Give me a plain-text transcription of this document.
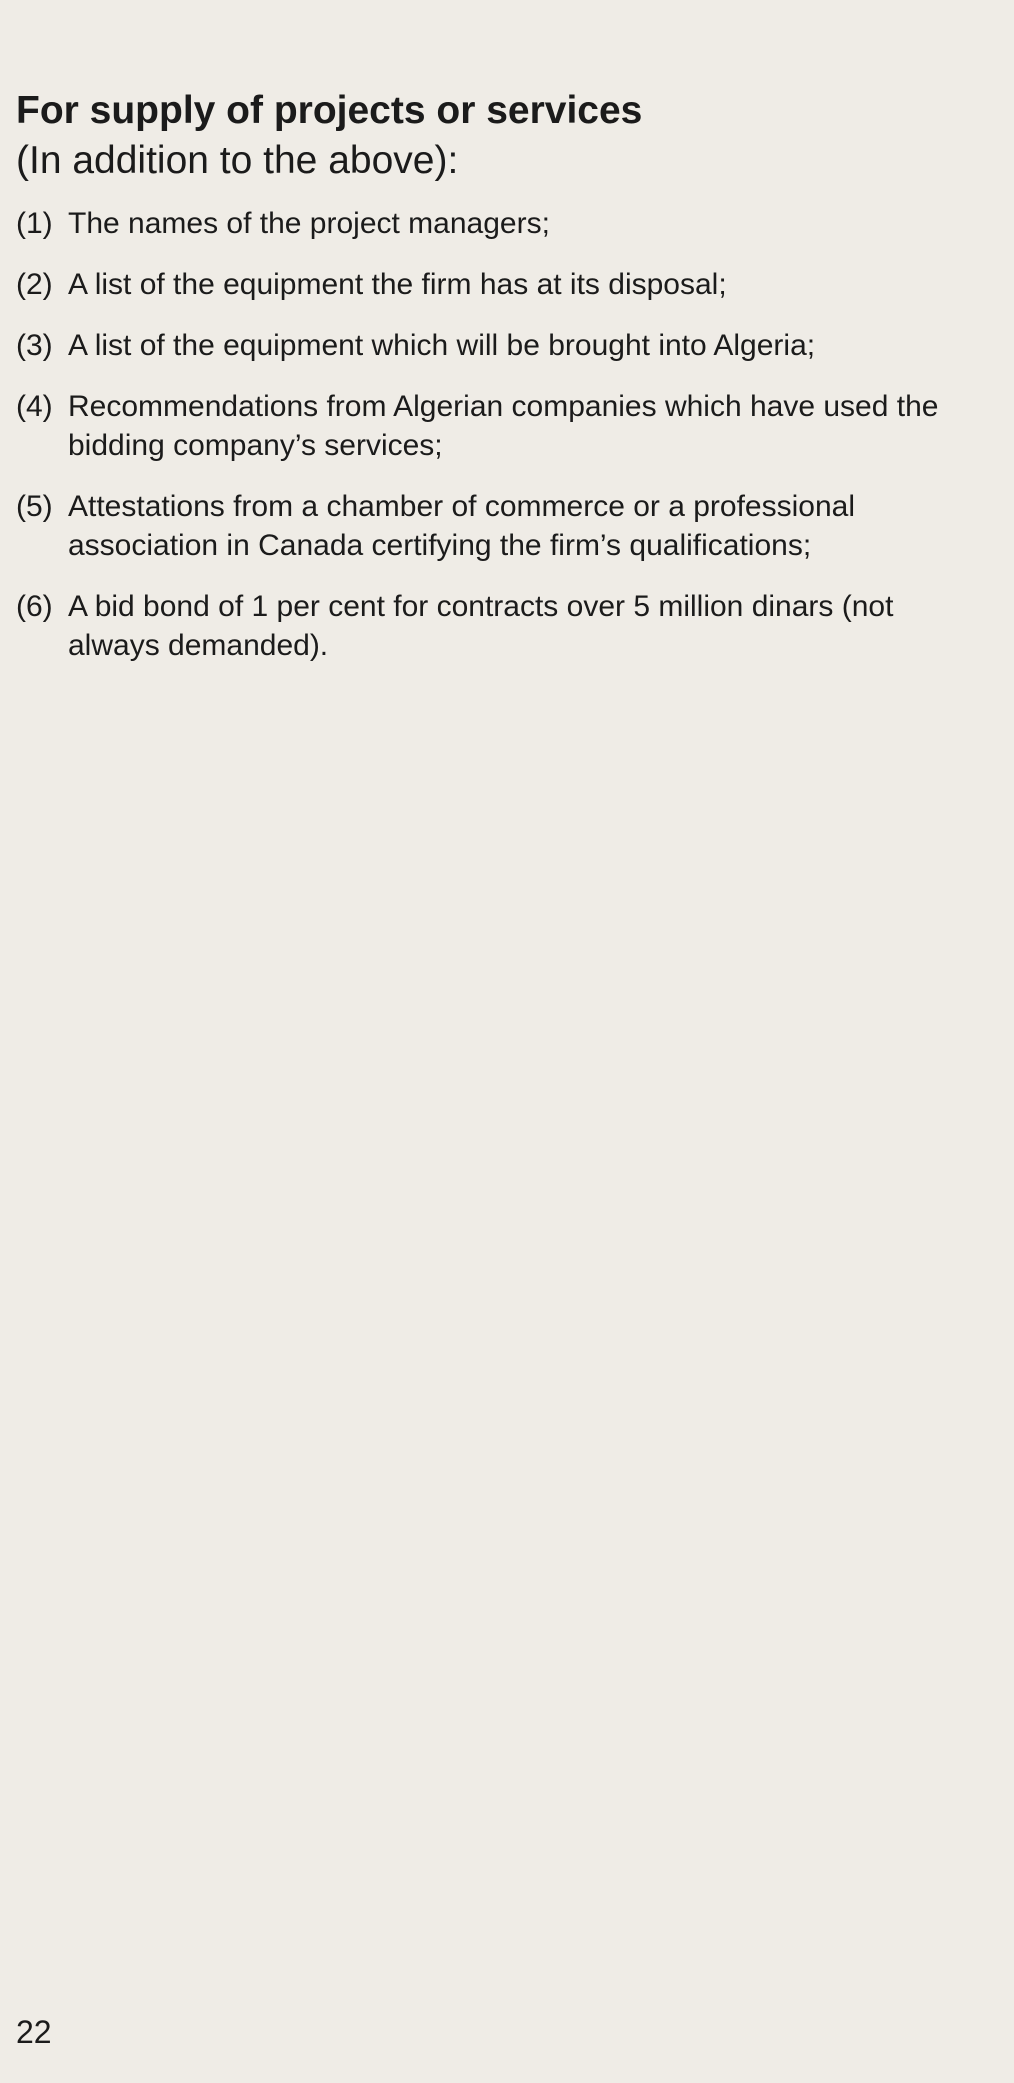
For supply of projects or services
(In addition to the above):
(1) The names of the project managers;
(2) A list of the equipment the firm has at its disposal;
(3) A list of the equipment which will be brought into Algeria;
(4) Recommendations from Algerian companies which have used the bidding company’s services;
(5) Attestations from a chamber of commerce or a professional association in Canada certifying the firm’s qualifications;
(6) A bid bond of 1 per cent for contracts over 5 million dinars (not always demanded).
22
